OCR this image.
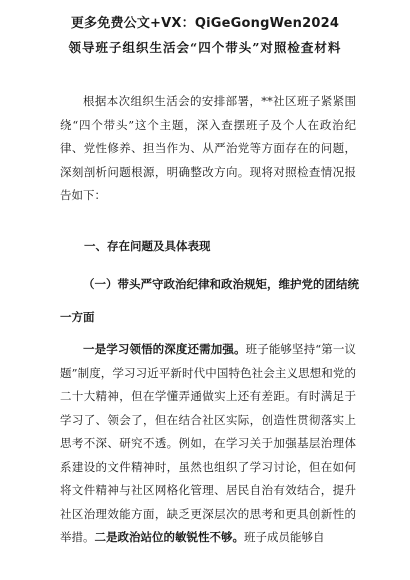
更多免费公文+VX：QiGeGongWen2024
领导班子组织生活会“四个带头”对照检查材料
根据本次组织生活会的安排部署，**社区班子紧紧围绕“四个带头”这个主题，深入查摆班子及个人在政治纪律、党性修养、担当作为、从严治党等方面存在的问题，深刻剖析问题根源，明确整改方向。现将对照检查情况报告如下：
一、存在问题及具体表现
（一）带头严守政治纪律和政治规矩，维护党的团结统一方面
一是学习领悟的深度还需加强。班子能够坚持“第一议题”制度，学习习近平新时代中国特色社会主义思想和党的二十大精神，但在学懂弄通做实上还有差距。有时满足于学习了、领会了，但在结合社区实际，创造性贯彻落实上思考不深、研究不透。例如，在学习关于加强基层治理体系建设的文件精神时，虽然也组织了学习讨论，但在如何将文件精神与社区网格化管理、居民自治有效结合，提升社区治理效能方面，缺乏更深层次的思考和更具创新性的举措。二是政治站位的敏锐性不够。班子成员能够自
